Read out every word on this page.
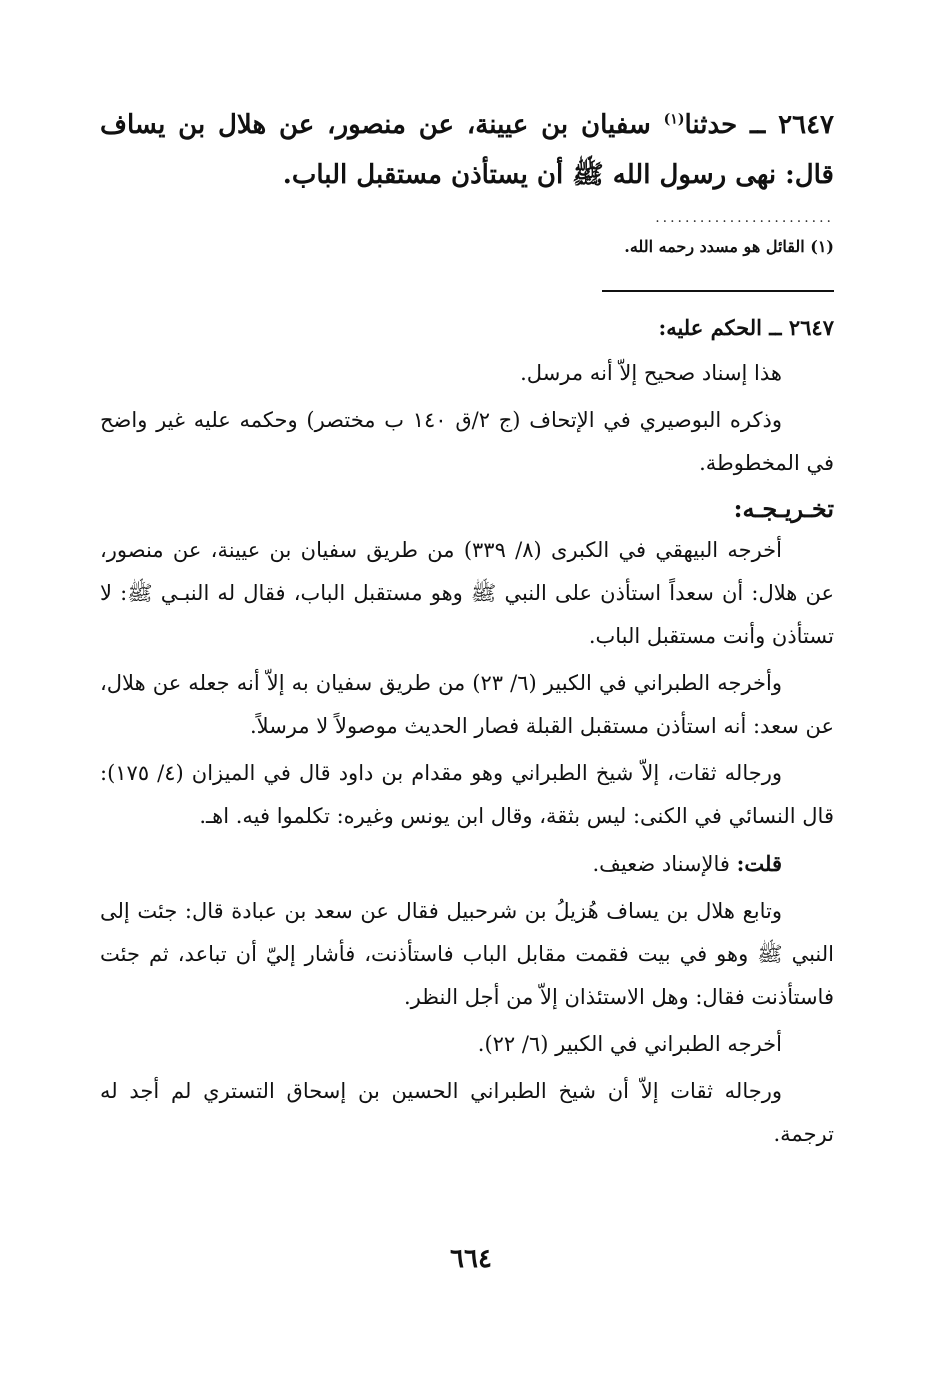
٢٦٤٧ ــ حدثنا$^{(١)}$ سفيان بن عيينة، عن منصور، عن هلال بن يساف قال: نهى رسول الله ﷺ أن يستأذن مستقبل الباب.

........................

(١) القائل هو مسدد رحمه الله.

٢٦٤٧ ــ الحكم عليه:

هذا إسناد صحيح إلاّ أنه مرسل.

وذكره البوصيري في الإتحاف (ج ٢/ق ١٤٠ ب مختصر) وحكمه عليه غير واضح في المخطوطة.

تخـريـجـه:

أخرجه البيهقي في الكبرى (٨/ ٣٣٩) من طريق سفيان بن عيينة، عن منصور، عن هلال: أن سعداً استأذن على النبي ﷺ وهو مستقبل الباب، فقال له النبـي ﷺ: لا تستأذن وأنت مستقبل الباب.

وأخرجه الطبراني في الكبير (٦/ ٢٣) من طريق سفيان به إلاّ أنه جعله عن هلال، عن سعد: أنه استأذن مستقبل القبلة فصار الحديث موصولاً لا مرسلاً.

ورجاله ثقات، إلاّ شيخ الطبراني وهو مقدام بن داود قال في الميزان (٤/ ١٧٥): قال النسائي في الكنى: ليس بثقة، وقال ابن يونس وغيره: تكلموا فيه. اهـ.

قلت: فالإسناد ضعيف.

وتابع هلال بن يساف هُزيلُ بن شرحبيل فقال عن سعد بن عبادة قال: جئت إلى النبي ﷺ وهو في بيت فقمت مقابل الباب فاستأذنت، فأشار إليّ أن تباعد، ثم جئت فاستأذنت فقال: وهل الاستئذان إلاّ من أجل النظر.

أخرجه الطبراني في الكبير (٦/ ٢٢).

ورجاله ثقات إلاّ أن شيخ الطبراني الحسين بن إسحاق التستري لم أجد له ترجمة.

٦٦٤
